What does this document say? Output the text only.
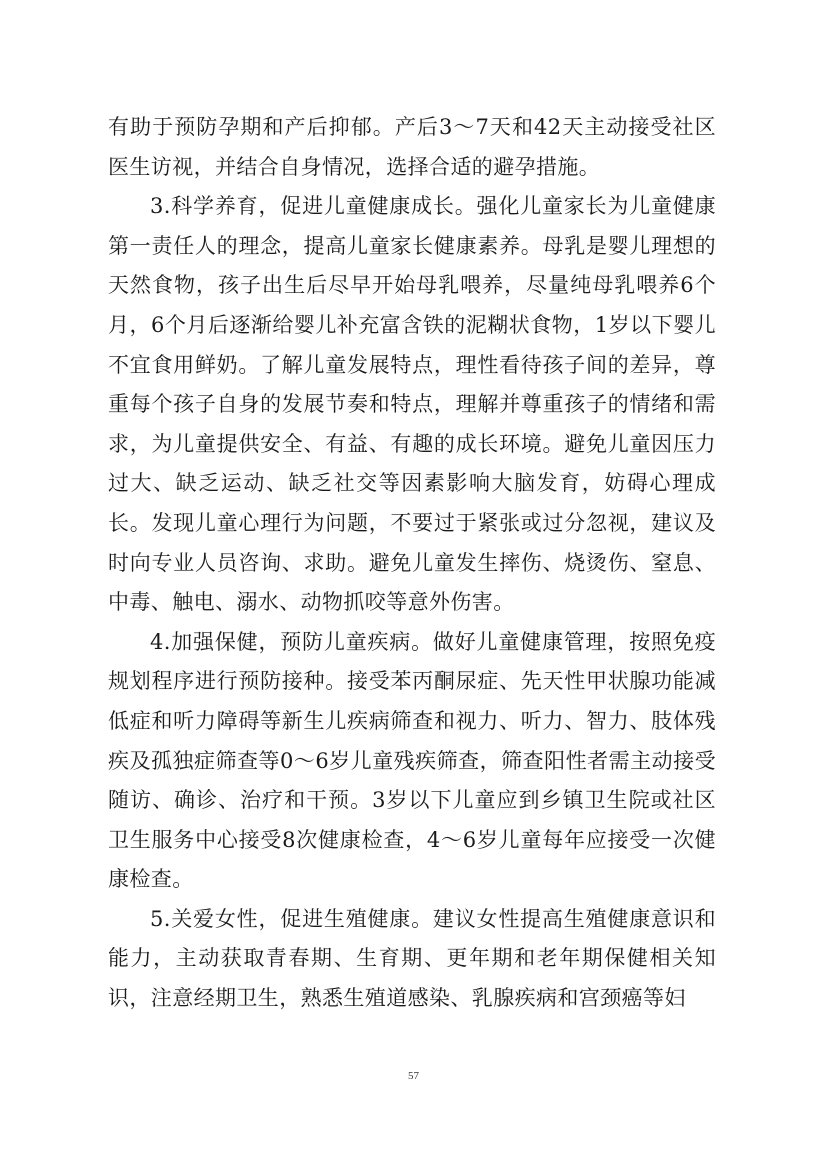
有助于预防孕期和产后抑郁。产后3～7天和42天主动接受社区医生访视，并结合自身情况，选择合适的避孕措施。

3.科学养育，促进儿童健康成长。强化儿童家长为儿童健康第一责任人的理念，提高儿童家长健康素养。母乳是婴儿理想的天然食物，孩子出生后尽早开始母乳喂养，尽量纯母乳喂养6个月，6个月后逐渐给婴儿补充富含铁的泥糊状食物，1岁以下婴儿不宜食用鲜奶。了解儿童发展特点，理性看待孩子间的差异，尊重每个孩子自身的发展节奏和特点，理解并尊重孩子的情绪和需求，为儿童提供安全、有益、有趣的成长环境。避免儿童因压力过大、缺乏运动、缺乏社交等因素影响大脑发育，妨碍心理成长。发现儿童心理行为问题，不要过于紧张或过分忽视，建议及时向专业人员咨询、求助。避免儿童发生摔伤、烧烫伤、窒息、中毒、触电、溺水、动物抓咬等意外伤害。

4.加强保健，预防儿童疾病。做好儿童健康管理，按照免疫规划程序进行预防接种。接受苯丙酮尿症、先天性甲状腺功能减低症和听力障碍等新生儿疾病筛查和视力、听力、智力、肢体残疾及孤独症筛查等0～6岁儿童残疾筛查，筛查阳性者需主动接受随访、确诊、治疗和干预。3岁以下儿童应到乡镇卫生院或社区卫生服务中心接受8次健康检查，4～6岁儿童每年应接受一次健康检查。

5.关爱女性，促进生殖健康。建议女性提高生殖健康意识和能力，主动获取青春期、生育期、更年期和老年期保健相关知识，注意经期卫生，熟悉生殖道感染、乳腺疾病和宫颈癌等妇

57
